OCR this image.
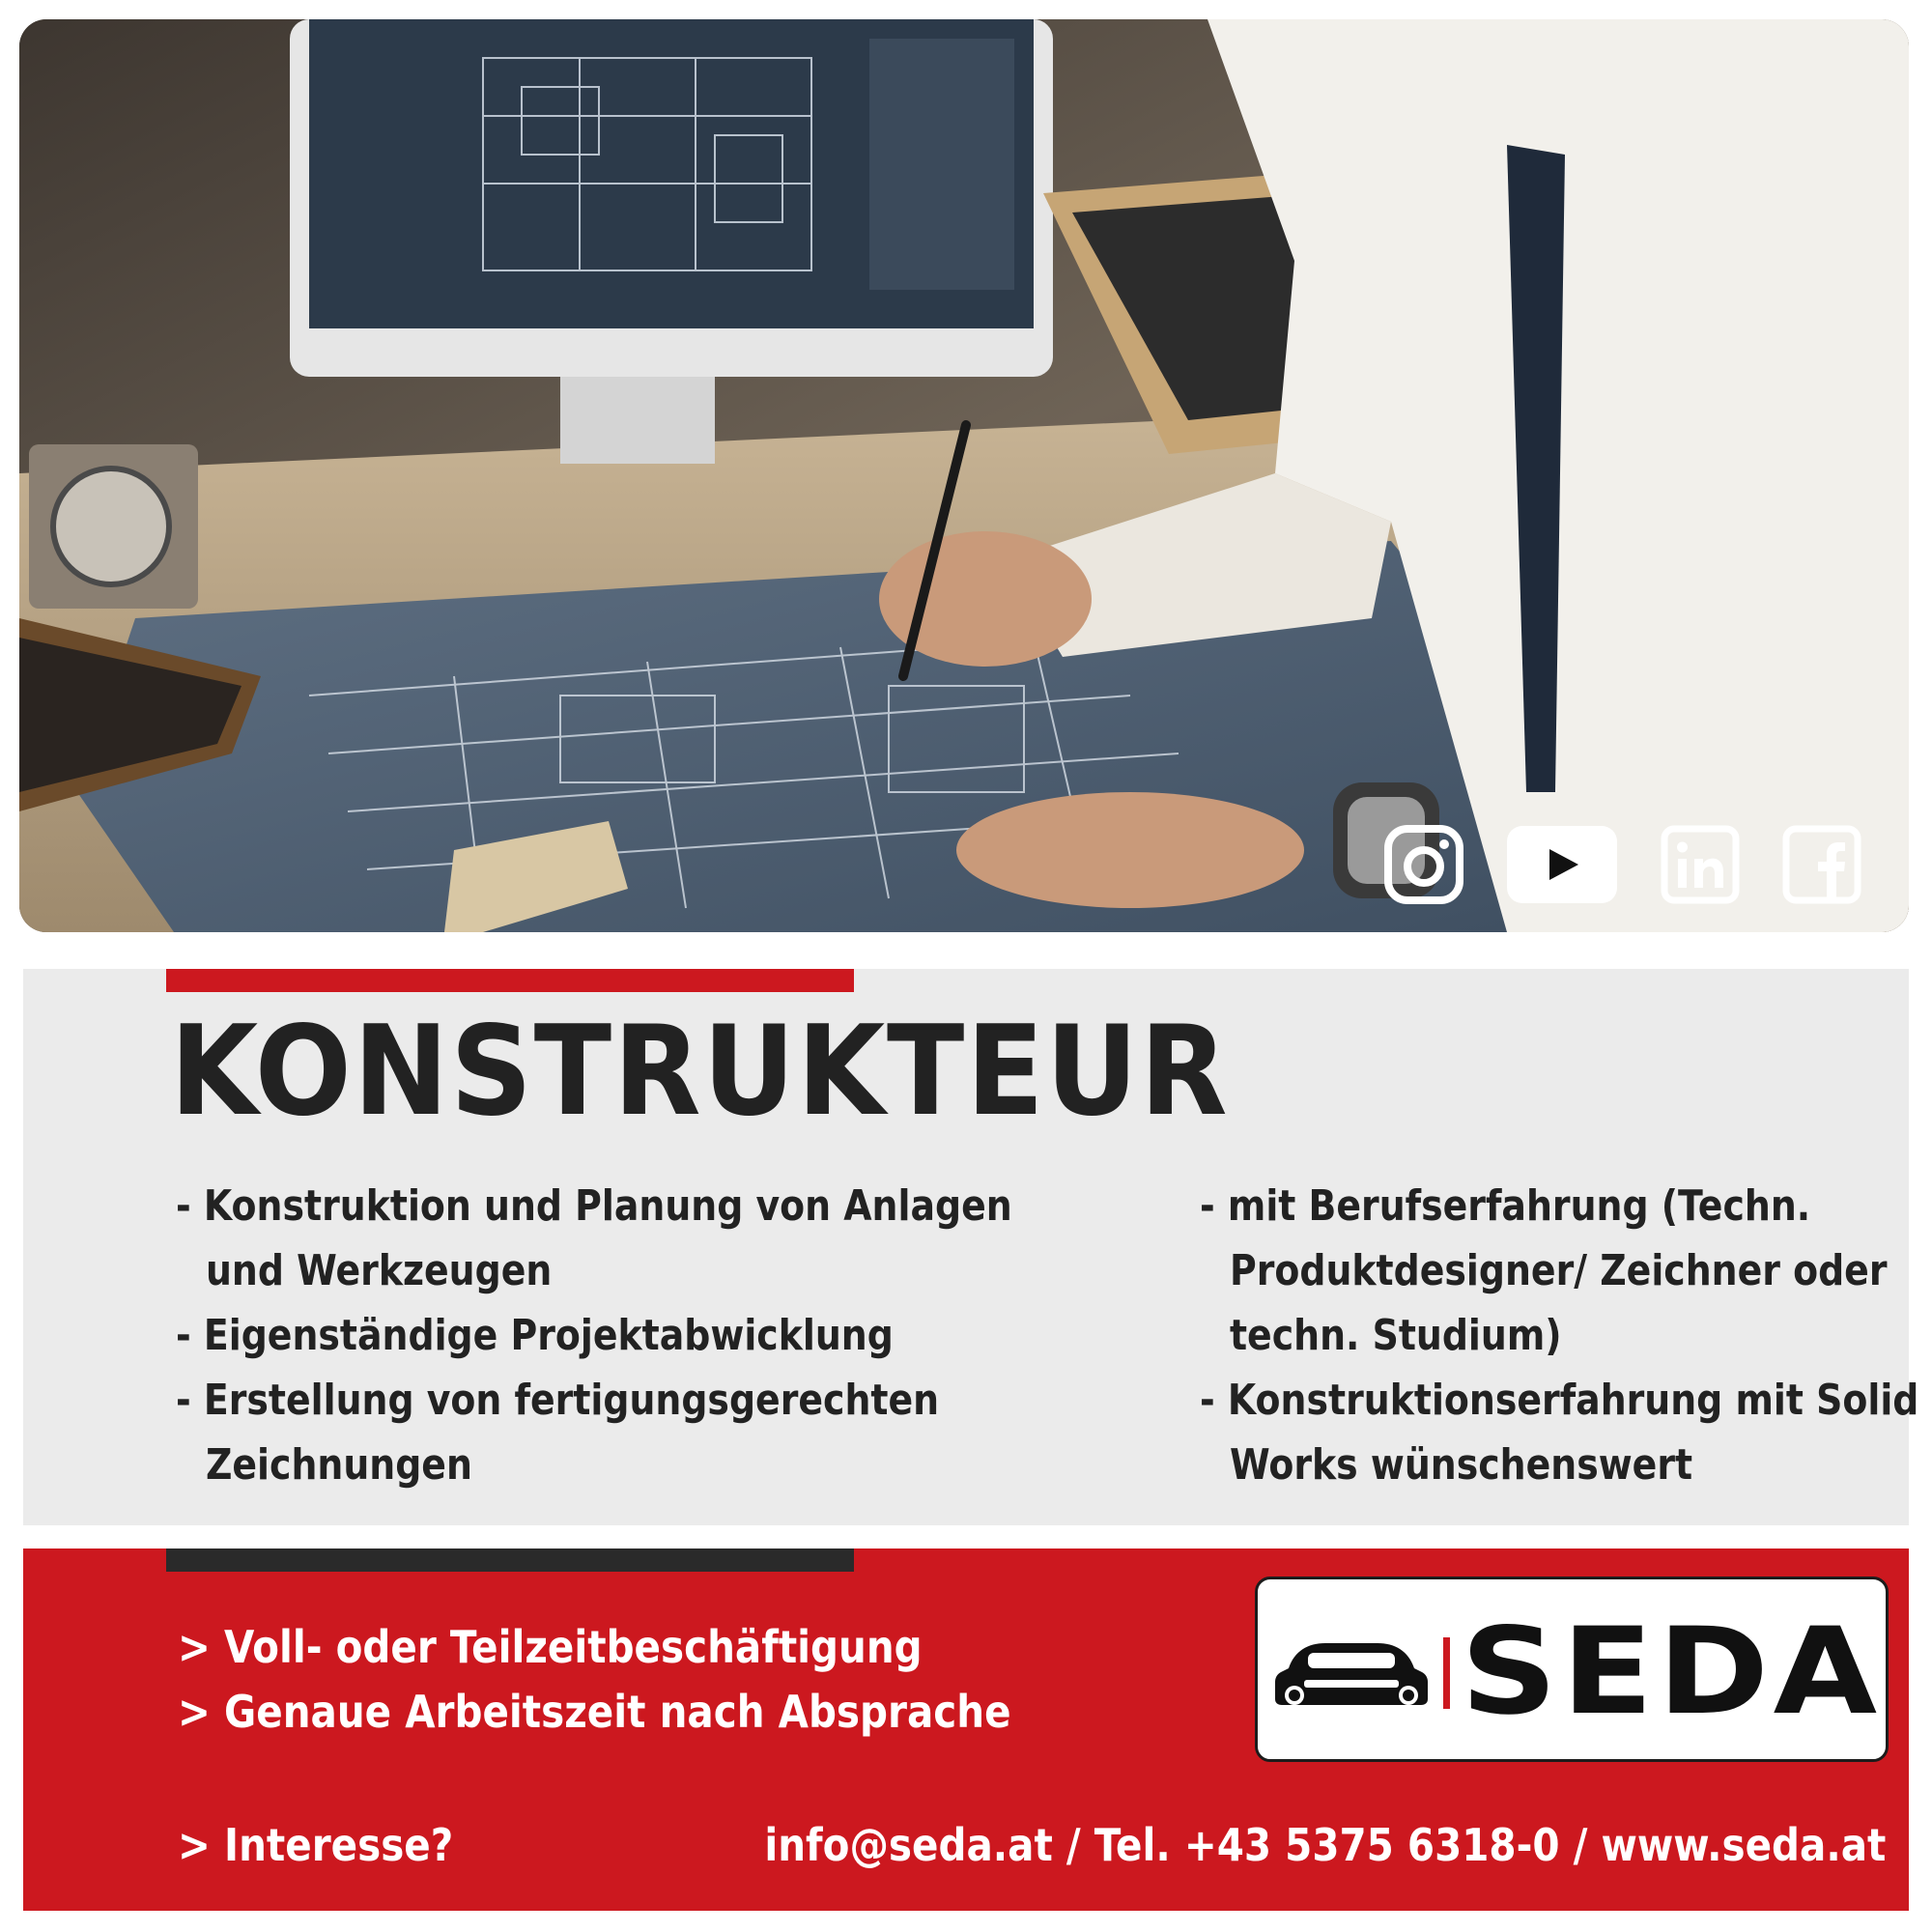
KONSTRUKTEUR
- Konstruktion und Planung von Anlagen und Werkzeugen
- Eigenständige Projektabwicklung
- Erstellung von fertigungsgerechten Zeichnungen
- mit Berufserfahrung (Techn. Produktdesigner/ Zeichner oder techn. Studium)
- Konstruktionserfahrung mit Solid Works wünschenswert
> Voll- oder Teilzeitbeschäftigung
> Genaue Arbeitszeit nach Absprache	SEDA
> Interesse?	info@seda.at / Tel. +43 5375 6318-0 / www.seda.at
